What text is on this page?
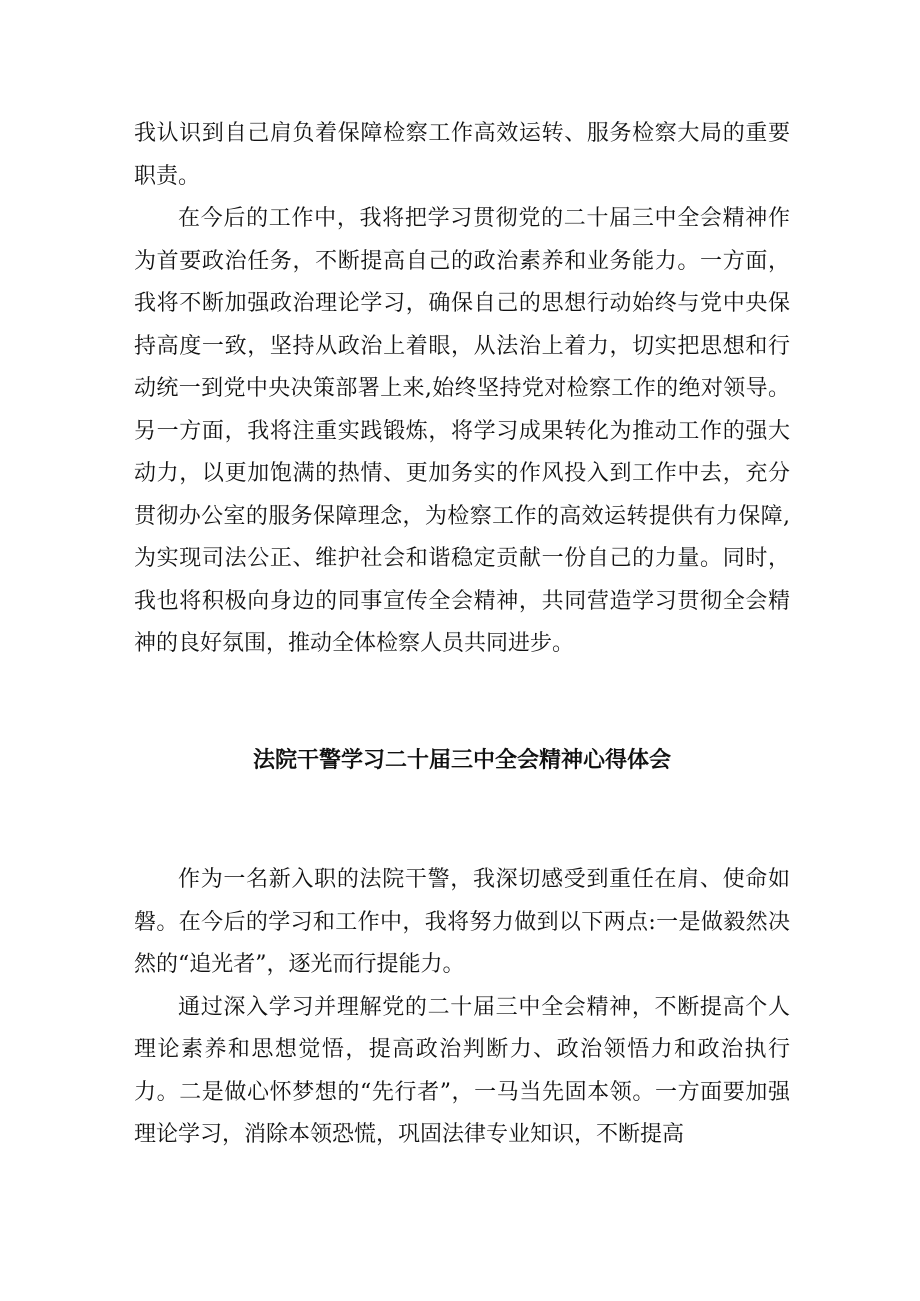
我认识到自己肩负着保障检察工作高效运转、服务检察大局的重要职责。

在今后的工作中，我将把学习贯彻党的二十届三中全会精神作为首要政治任务，不断提高自己的政治素养和业务能力。一方面，我将不断加强政治理论学习，确保自己的思想行动始终与党中央保持高度一致，坚持从政治上着眼，从法治上着力，切实把思想和行动统一到党中央决策部署上来,始终坚持党对检察工作的绝对领导。另一方面，我将注重实践锻炼，将学习成果转化为推动工作的强大动力，以更加饱满的热情、更加务实的作风投入到工作中去，充分贯彻办公室的服务保障理念，为检察工作的高效运转提供有力保障,为实现司法公正、维护社会和谐稳定贡献一份自己的力量。同时，我也将积极向身边的同事宣传全会精神，共同营造学习贯彻全会精神的良好氛围，推动全体检察人员共同进步。

法院干警学习二十届三中全会精神心得体会

作为一名新入职的法院干警，我深切感受到重任在肩、使命如磐。在今后的学习和工作中，我将努力做到以下两点:一是做毅然决然的“追光者”，逐光而行提能力。

通过深入学习并理解党的二十届三中全会精神，不断提高个人理论素养和思想觉悟，提高政治判断力、政治领悟力和政治执行力。二是做心怀梦想的“先行者”，一马当先固本领。一方面要加强理论学习，消除本领恐慌，巩固法律专业知识，不断提高
